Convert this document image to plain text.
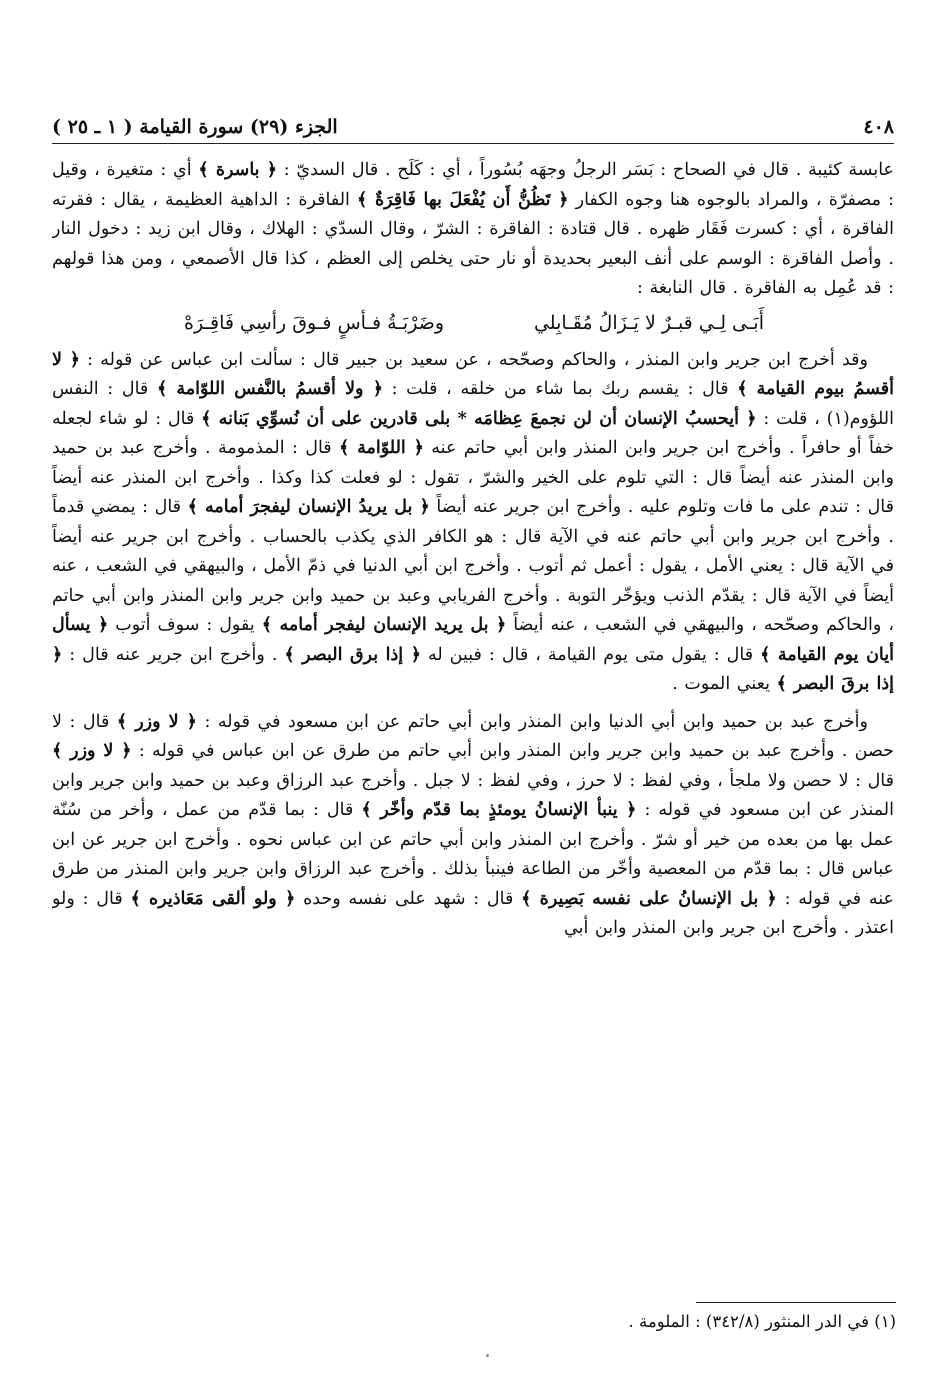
٤٠٨
الجزء (٢٩) سورة القيامة ( ١ ـ ٢٥ )

عابسة كئيبة . قال في الصحاح : بَسَر الرجلُ وجهَه بُسُوراً ، أي : كَلَح . قال السديّ : ﴿ باسرة ﴾ أي : متغيرة ، وقيل : مصفرّة ، والمراد بالوجوه هنا وجوه الكفار ﴿ تَظُنُّ أَن يُفْعَلَ بها فَاقِرَةٌ ﴾ الفاقرة : الداهية العظيمة ، يقال : فقرته الفاقرة ، أي : كسرت فَقَار ظهره . قال قتادة : الفاقرة : الشرّ ، وقال السدّي : الهلاك ، وقال ابن زيد : دخول النار . وأصل الفاقرة : الوسم على أنف البعير بحديدة أو نار حتى يخلص إلى العظم ، كذا قال الأصمعي ، ومن هذا قولهم : قد عُمِل به الفاقرة . قال النابغة :

أَبَـى لِـي قبـرٌ لا يَـزَالُ مُقَـابِلي
وضَرْبَـةُ فـأسٍ فـوقَ رأسِي فَاقِـرَهْ

وقد أخرج ابن جرير وابن المنذر ، والحاكم وصحّحه ، عن سعيد بن جبير قال : سألت ابن عباس عن قوله : ﴿ لا أقسمُ بيوم القيامة ﴾ قال : يقسم ربك بما شاء من خلقه ، قلت : ﴿ ولا أقسمُ بالنَّفس اللوّامة ﴾ قال : النفس اللؤوم(١) ، قلت : ﴿ أيحسبُ الإنسان أن لن نجمعَ عِظامَه * بلى قادرين على أن نُسوِّي بَنانه ﴾ قال : لو شاء لجعله خفاً أو حافراً . وأخرج ابن جرير وابن المنذر وابن أبي حاتم عنه ﴿ اللوّامة ﴾ قال : المذمومة . وأخرج عبد بن حميد وابن المنذر عنه أيضاً قال : التي تلوم على الخير والشرّ ، تقول : لو فعلت كذا وكذا . وأخرج ابن المنذر عنه أيضاً قال : تندم على ما فات وتلوم عليه . وأخرج ابن جرير عنه أيضاً ﴿ بل يريدُ الإنسان ليفجرَ أمامه ﴾ قال : يمضي قدماً . وأخرج ابن جرير وابن أبي حاتم عنه في الآية قال : هو الكافر الذي يكذب بالحساب . وأخرج ابن جرير عنه أيضاً في الآية قال : يعني الأمل ، يقول : أعمل ثم أتوب . وأخرج ابن أبي الدنيا في ذمّ الأمل ، والبيهقي في الشعب ، عنه أيضاً في الآية قال : يقدّم الذنب ويؤخّر التوبة . وأخرج الفريابي وعبد بن حميد وابن جرير وابن المنذر وابن أبي حاتم ، والحاكم وصحّحه ، والبيهقي في الشعب ، عنه أيضاً ﴿ بل يريد الإنسان ليفجر أمامه ﴾ يقول : سوف أتوب ﴿ يسأل أيان يوم القيامة ﴾ قال : يقول متى يوم القيامة ، قال : فبين له ﴿ إذا برق البصر ﴾ . وأخرج ابن جرير عنه قال : ﴿ إذا برقَ البصر ﴾ يعني الموت .

وأخرج عبد بن حميد وابن أبي الدنيا وابن المنذر وابن أبي حاتم عن ابن مسعود في قوله : ﴿ لا وزر ﴾ قال : لا حصن . وأخرج عبد بن حميد وابن جرير وابن المنذر وابن أبي حاتم من طرق عن ابن عباس في قوله : ﴿ لا وزر ﴾ قال : لا حصن ولا ملجأ ، وفي لفظ : لا حرز ، وفي لفظ : لا جبل . وأخرج عبد الرزاق وعبد بن حميد وابن جرير وابن المنذر عن ابن مسعود في قوله : ﴿ ينبأ الإنسانُ يومئذٍ بما قدّم وأخّر ﴾ قال : بما قدّم من عمل ، وأخر من سُنّة عمل بها من بعده من خير أو شرّ . وأخرج ابن المنذر وابن أبي حاتم عن ابن عباس نحوه . وأخرج ابن جرير عن ابن عباس قال : بما قدّم من المعصية وأخّر من الطاعة فينبأ بذلك . وأخرج عبد الرزاق وابن جرير وابن المنذر من طرق عنه في قوله : ﴿ بل الإنسانُ على نفسه بَصِيرة ﴾ قال : شهد على نفسه وحده ﴿ ولو ألقى مَعَاذيره ﴾ قال : ولو اعتذر . وأخرج ابن جرير وابن المنذر وابن أبي

(١) في الدر المنثور (٣٤٢/٨) : الملومة .
